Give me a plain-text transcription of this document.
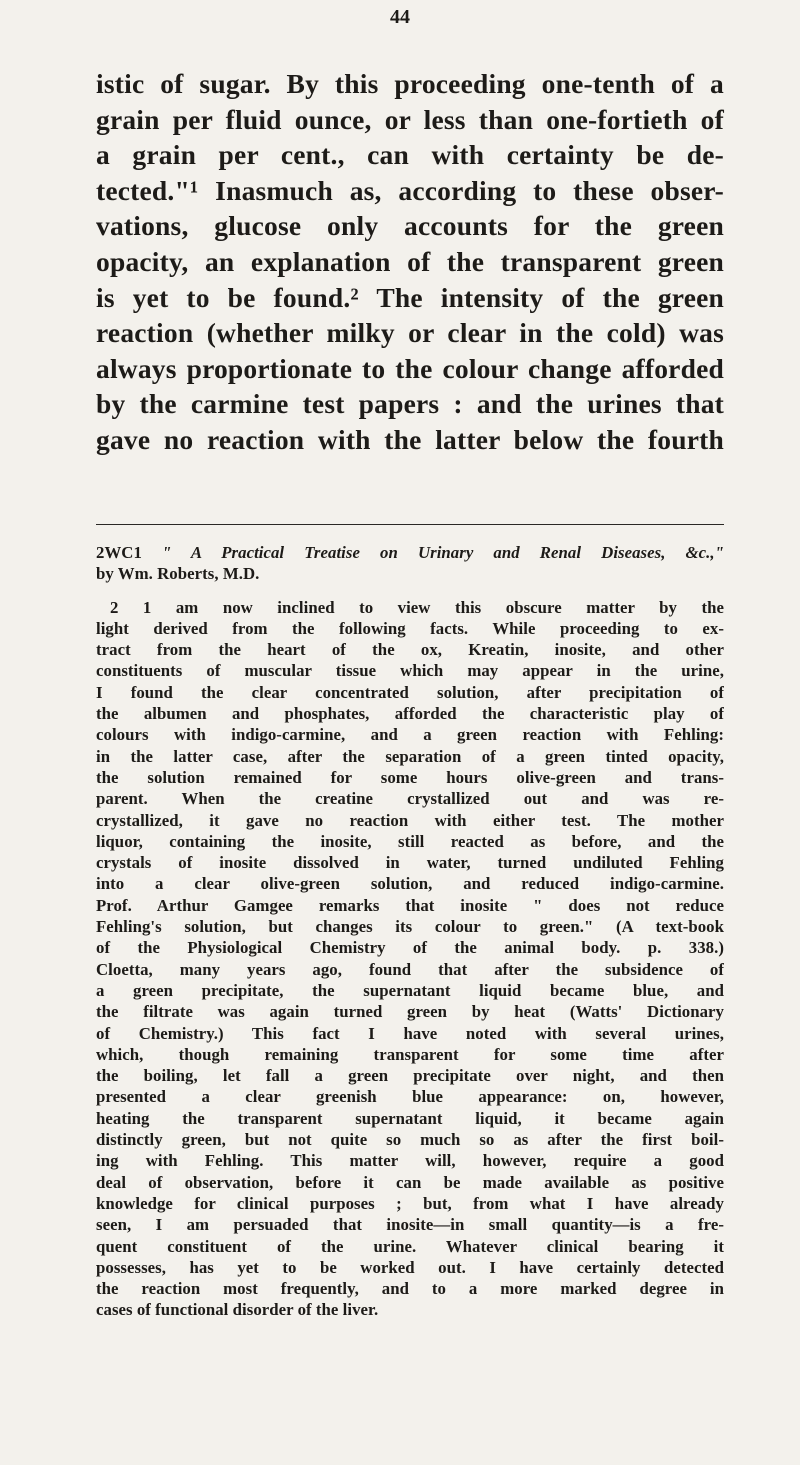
44
istic of sugar. By this proceeding one-tenth of a
grain per fluid ounce, or less than one-fortieth of
a grain per cent., can with certainty be de-
tected."¹ Inasmuch as, according to these obser-
vations, glucose only accounts for the green
opacity, an explanation of the transparent green
is yet to be found.² The intensity of the green
reaction (whether milky or clear in the cold) was
always proportionate to the colour change afforded
by the carmine test papers : and the urines that
gave no reaction with the latter below the fourth
2WC1 " A Practical Treatise on Urinary and Renal Diseases, &c.,"
by Wm. Roberts, M.D.
2 1 am now inclined to view this obscure matter by the
light derived from the following facts. While proceeding to ex-
tract from the heart of the ox, Kreatin, inosite, and other
constituents of muscular tissue which may appear in the urine,
I found the clear concentrated solution, after precipitation of
the albumen and phosphates, afforded the characteristic play of
colours with indigo-carmine, and a green reaction with Fehling:
in the latter case, after the separation of a green tinted opacity,
the solution remained for some hours olive-green and trans-
parent. When the creatine crystallized out and was re-
crystallized, it gave no reaction with either test. The mother
liquor, containing the inosite, still reacted as before, and the
crystals of inosite dissolved in water, turned undiluted Fehling
into a clear olive-green solution, and reduced indigo-carmine.
Prof. Arthur Gamgee remarks that inosite " does not reduce
Fehling's solution, but changes its colour to green." (A text-book
of the Physiological Chemistry of the animal body. p. 338.)
Cloetta, many years ago, found that after the subsidence of
a green precipitate, the supernatant liquid became blue, and
the filtrate was again turned green by heat (Watts' Dictionary
of Chemistry.) This fact I have noted with several urines,
which, though remaining transparent for some time after
the boiling, let fall a green precipitate over night, and then
presented a clear greenish blue appearance: on, however,
heating the transparent supernatant liquid, it became again
distinctly green, but not quite so much so as after the first boil-
ing with Fehling. This matter will, however, require a good
deal of observation, before it can be made available as positive
knowledge for clinical purposes ; but, from what I have already
seen, I am persuaded that inosite—in small quantity—is a fre-
quent constituent of the urine. Whatever clinical bearing it
possesses, has yet to be worked out. I have certainly detected
the reaction most frequently, and to a more marked degree in
cases of functional disorder of the liver.
